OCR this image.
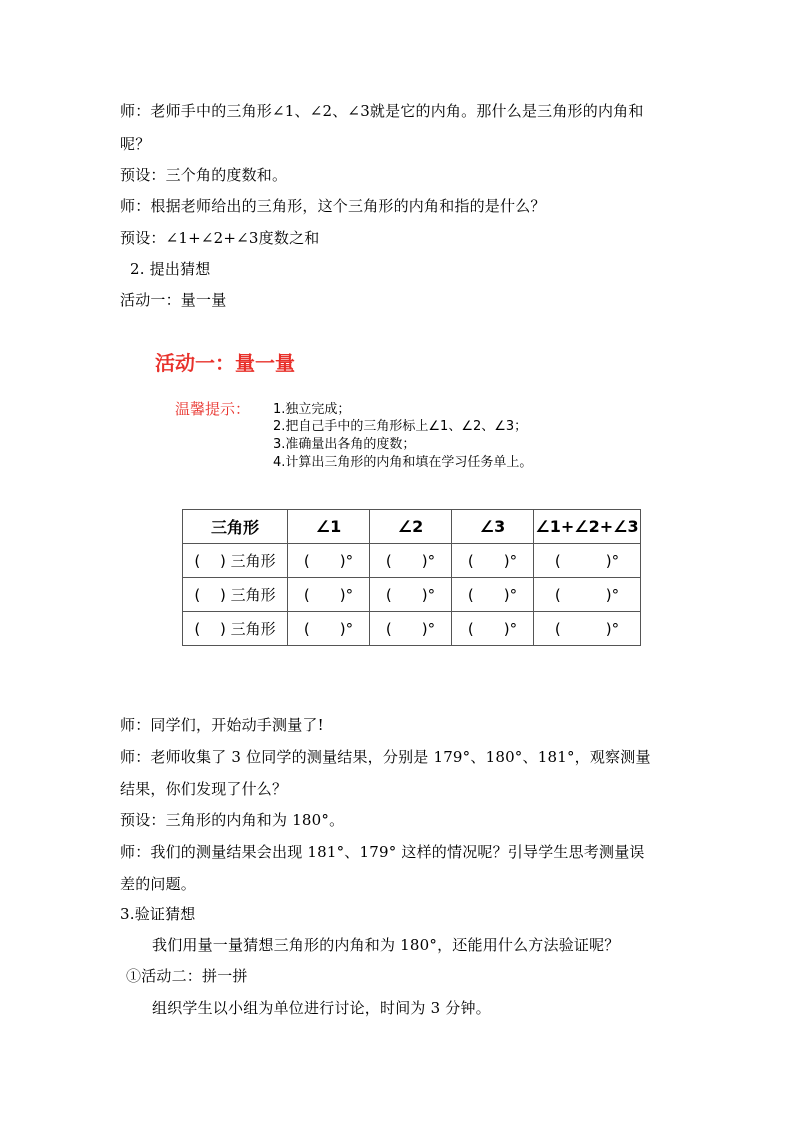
师：老师手中的三角形∠1、∠2、∠3就是它的内角。那什么是三角形的内角和
呢？
预设：三个角的度数和。
师：根据老师给出的三角形，这个三角形的内角和指的是什么？
预设：∠1+∠2+∠3度数之和
2. 提出猜想
活动一：量一量
活动一：量一量
温馨提示： 1.独立完成；
2.把自己手中的三角形标上∠1、∠2、∠3；
3.准确量出各角的度数；
4.计算出三角形的内角和填在学习任务单上。
三角形	∠1	∠2	∠3	∠1+∠2+∠3
(　 ) 三角形	(　　)°	(　　)°	(　　)°	(　　　)°
(　 ) 三角形	(　　)°	(　　)°	(　　)°	(　　　)°
(　 ) 三角形	(　　)°	(　　)°	(　　)°	(　　　)°
师：同学们，开始动手测量了!
师：老师收集了 3 位同学的测量结果，分别是 179°、180°、181°，观察测量
结果，你们发现了什么？
预设：三角形的内角和为 180°。
师：我们的测量结果会出现 181°、179° 这样的情况呢？引导学生思考测量误
差的问题。
3.验证猜想
我们用量一量猜想三角形的内角和为 180°，还能用什么方法验证呢？
①活动二：拼一拼
组织学生以小组为单位进行讨论，时间为 3 分钟。
